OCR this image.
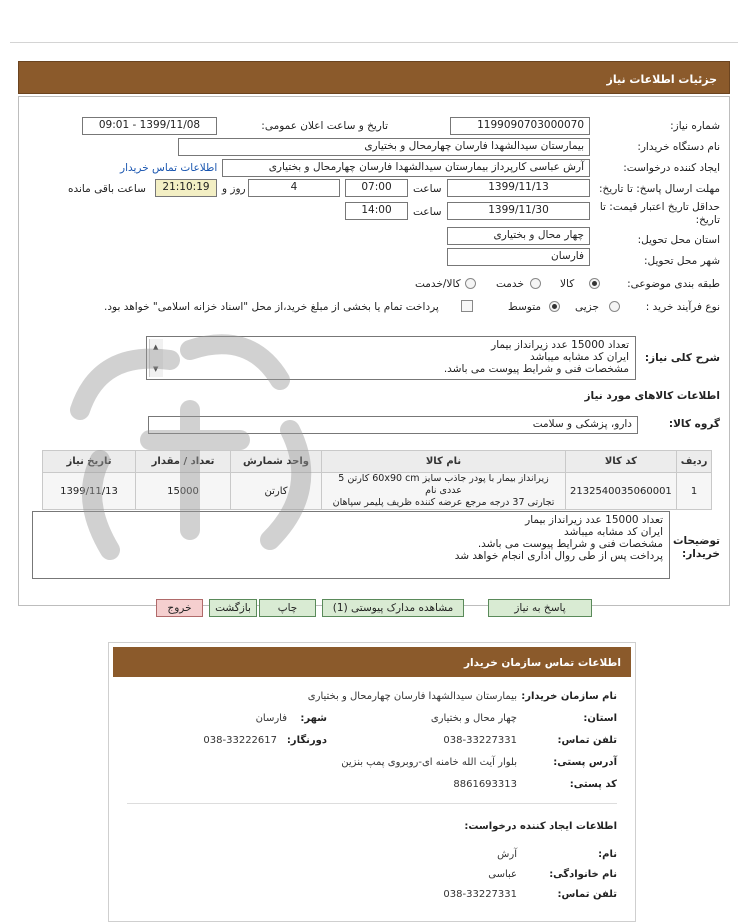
جزئیات اطلاعات نیاز
شماره نیاز:
1199090703000070
تاریخ و ساعت اعلان عمومی:
1399/11/08 - 09:01
نام دستگاه خریدار:
بیمارستان سیدالشهدا فارسان چهارمحال و بختیاری
ایجاد کننده درخواست:
آرش عباسی کارپرداز بیمارستان سیدالشهدا فارسان چهارمحال و بختیاری
اطلاعات تماس خریدار
مهلت ارسال پاسخ: تا تاریخ:
1399/11/13
ساعت
07:00
4
روز و
21:10:19
ساعت باقی مانده
حداقل تاریخ اعتبار قیمت: تا
تاریخ:
1399/11/30
ساعت
14:00
استان محل تحویل:
چهار محال و بختیاری
شهر محل تحویل:
فارسان
طبقه بندی موضوعی:
کالا
خدمت
کالا/خدمت
نوع فرآیند خرید :
جزیی
متوسط
پرداخت تمام یا بخشی از مبلغ خرید،از محل "اسناد خزانه اسلامی" خواهد بود.
شرح کلی نیاز:
تعداد 15000 عدد زیرانداز بیمار
ایران کد مشابه میباشد
مشخصات فنی و شرایط پیوست می باشد.
▲
▼
اطلاعات کالاهای مورد نیاز
گروه کالا:
دارو، پزشکی و سلامت
ردیف	کد کالا	نام کالا	واحد شمارش	تعداد / مقدار	تاریخ نیاز
1	2132540035060001	زیرانداز بیمار با پودر جاذب سایز 60x90 cm کارتن 5 عددی نام
تجارتی 37 درجه مرجع عرضه کننده ظریف پلیمر سپاهان	کارتن	15000	1399/11/13
توضیحات
خریدار:
تعداد 15000 عدد زیرانداز بیمار
ایران کد مشابه میباشد
مشخصات فنی و شرایط پیوست می باشد.
پرداخت پس از طی روال اداری انجام خواهد شد
پاسخ به نیاز
مشاهده مدارک پیوستی (1)
چاپ
بازگشت
خروج
اطلاعات تماس سازمان خریدار
نام سازمان خریدار:
بیمارستان سیدالشهدا فارسان چهارمحال و بختیاری
استان:
چهار محال و بختیاری
شهر:
فارسان
تلفن تماس:
038-33227331
دورنگار:
038-33222617
آدرس پستی:
بلوار آیت الله خامنه ای-روبروی پمپ بنزین
کد پستی:
8861693313
اطلاعات ایجاد کننده درخواست:
نام:
آرش
نام خانوادگی:
عباسی
تلفن تماس:
038-33227331
